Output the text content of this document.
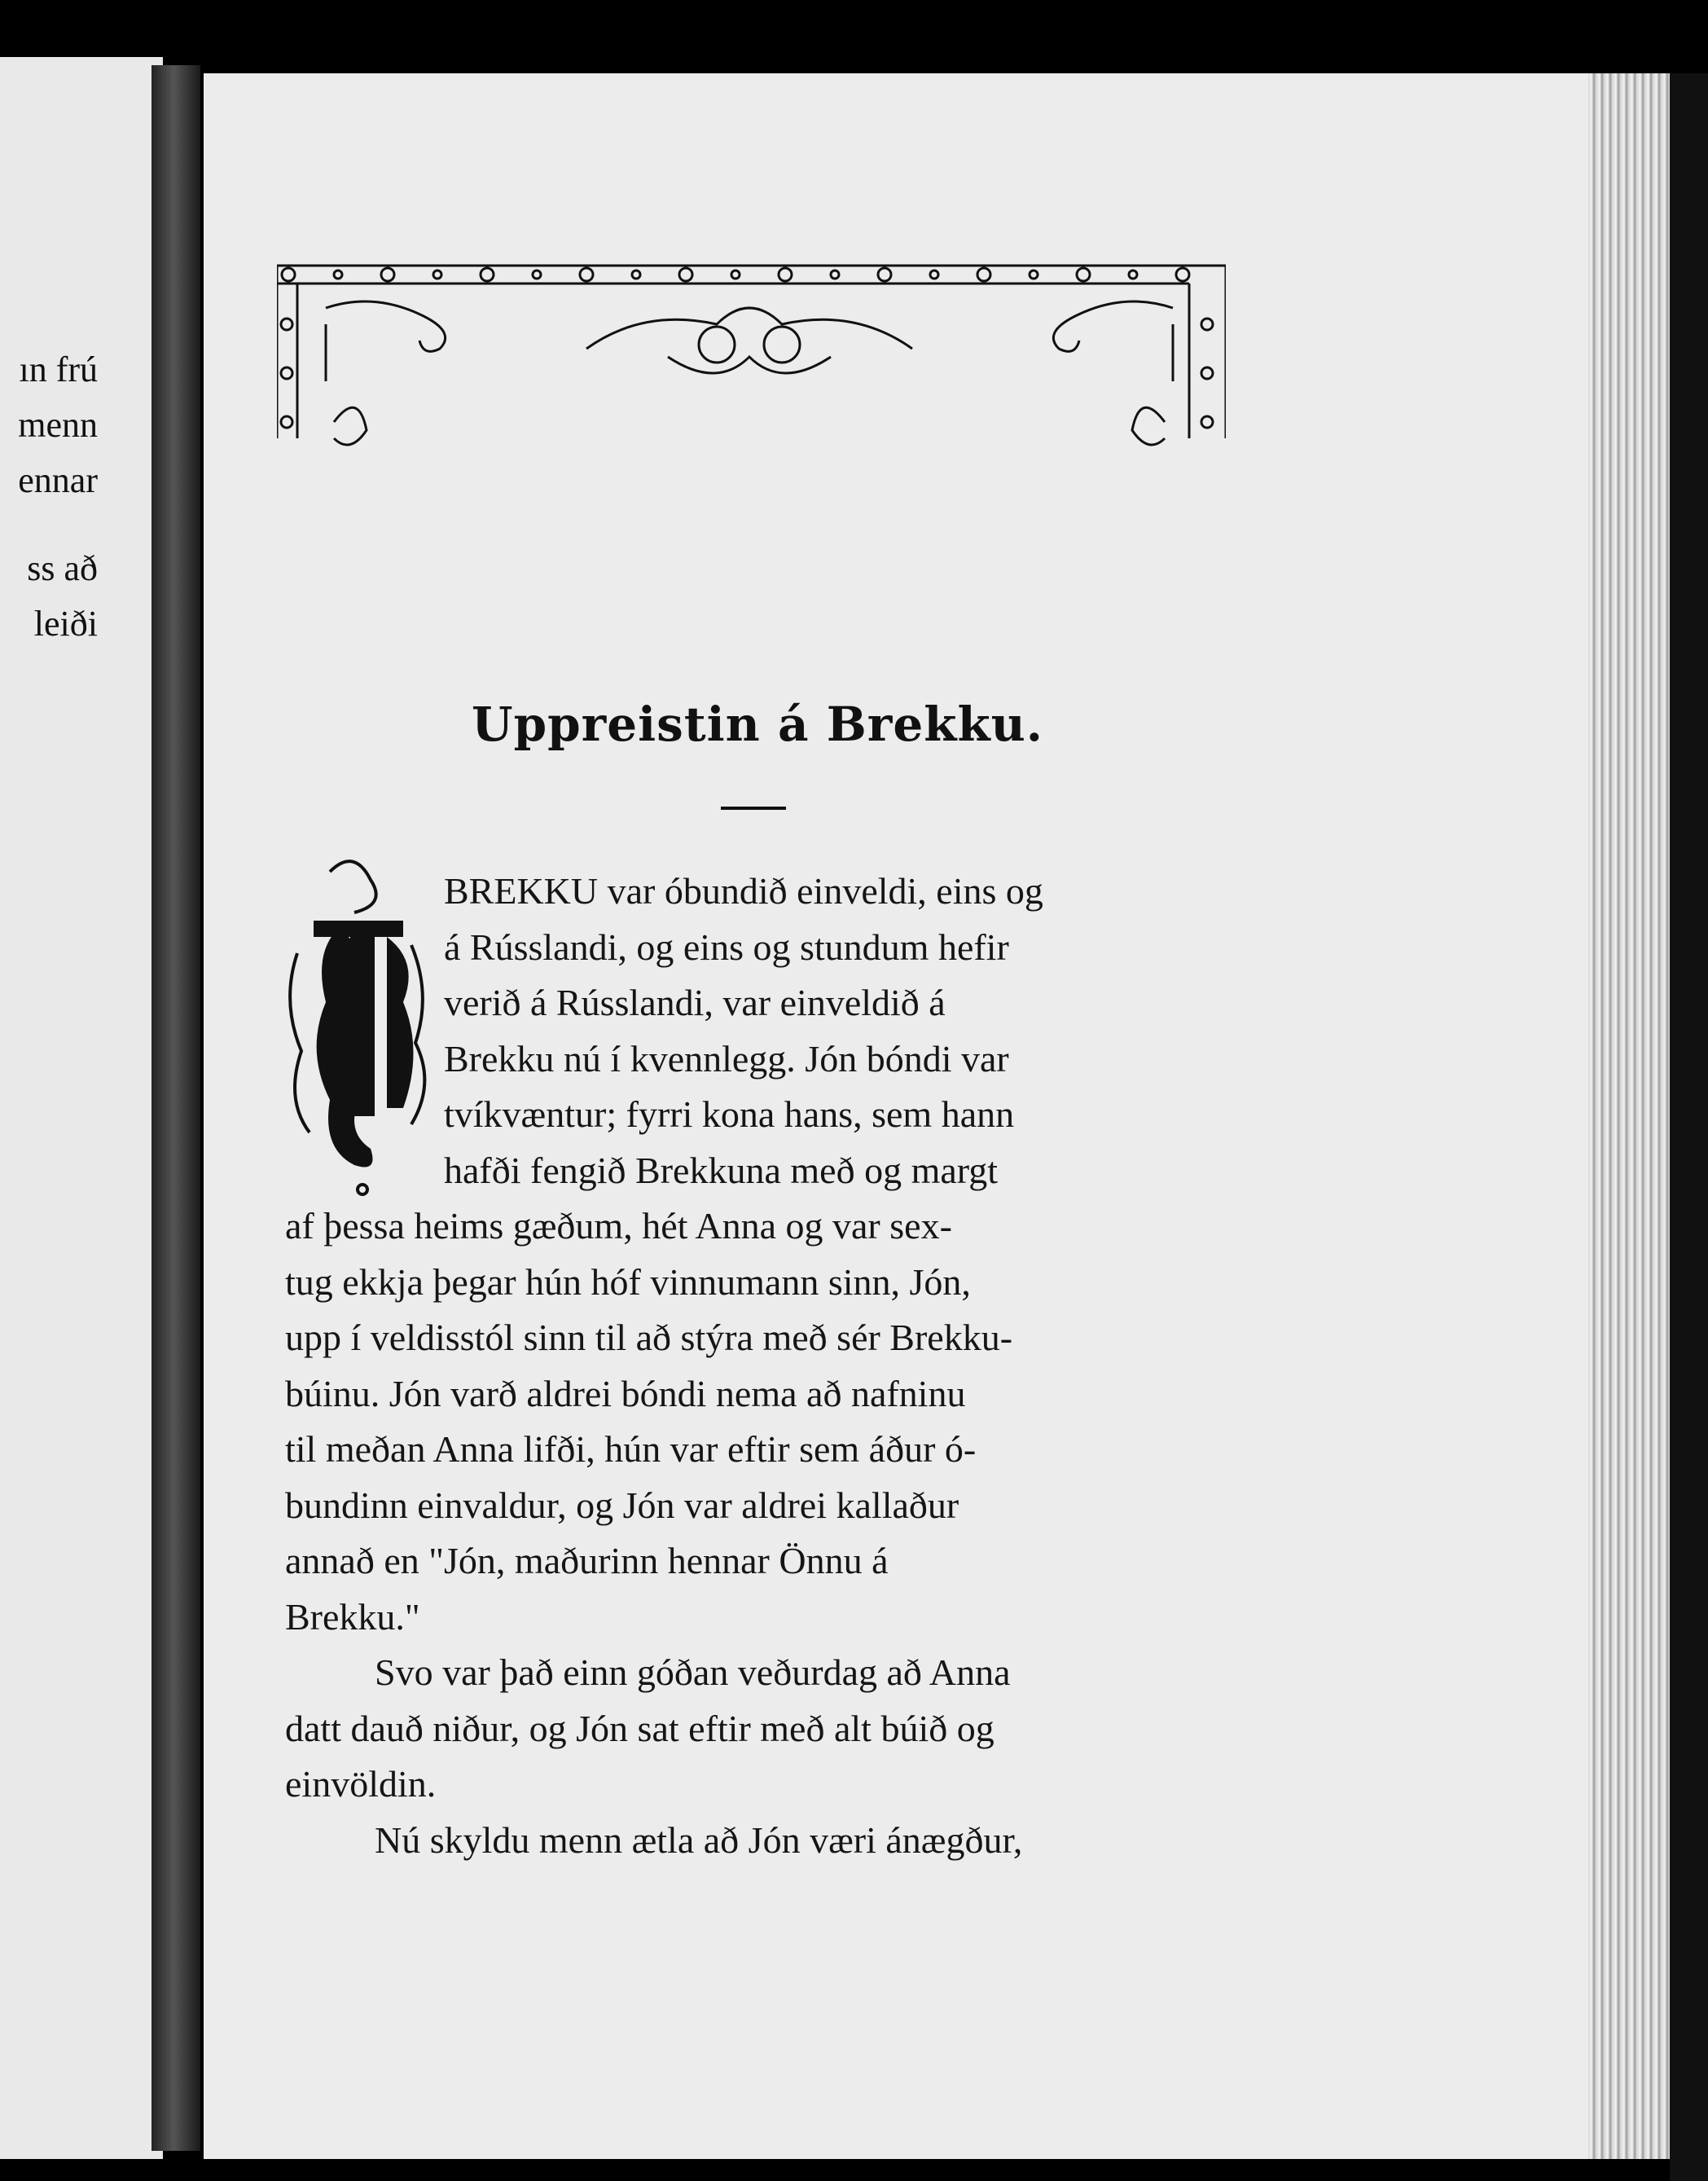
ın frú
menn
ennar
ss að
leiði
Uppreistin á Brekku.
BREKKU var óbundið einveldi, eins og
á Rússlandi, og eins og stundum hefir
verið á Rússlandi, var einveldið á
Brekku nú í kvennlegg. Jón bóndi var
tvíkvæntur; fyrri kona hans, sem hann
hafði fengið Brekkuna með og margt
af þessa heims gæðum, hét Anna og var sex-
tug ekkja þegar hún hóf vinnumann sinn, Jón,
upp í veldisstól sinn til að stýra með sér Brekku-
búinu. Jón varð aldrei bóndi nema að nafninu
til meðan Anna lifði, hún var eftir sem áður ó-
bundinn einvaldur, og Jón var aldrei kallaður
annað en "Jón, maðurinn hennar Önnu á
Brekku."
Svo var það einn góðan veðurdag að Anna
datt dauð niður, og Jón sat eftir með alt búið og
einvöldin.
Nú skyldu menn ætla að Jón væri ánægður,
